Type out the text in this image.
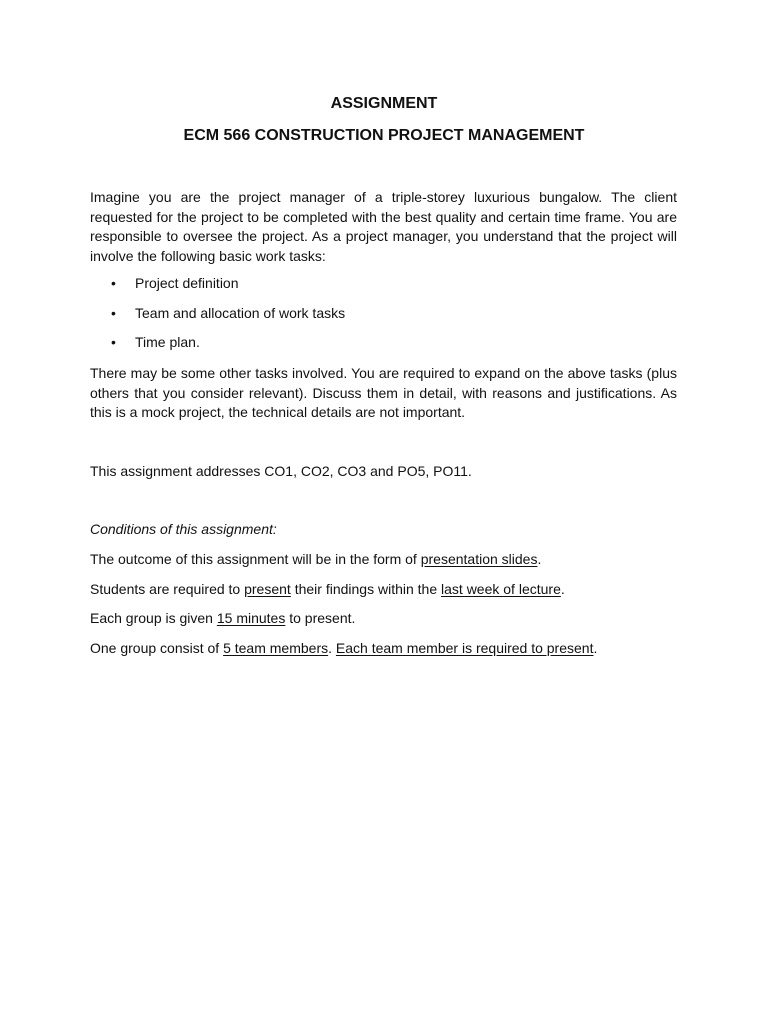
ASSIGNMENT
ECM 566 CONSTRUCTION PROJECT MANAGEMENT

Imagine you are the project manager of a triple-storey luxurious bungalow. The client requested for the project to be completed with the best quality and certain time frame. You are responsible to oversee the project. As a project manager, you understand that the project will involve the following basic work tasks:

• Project definition
• Team and allocation of work tasks
• Time plan.

There may be some other tasks involved. You are required to expand on the above tasks (plus others that you consider relevant). Discuss them in detail, with reasons and justifications. As this is a mock project, the technical details are not important.

This assignment addresses CO1, CO2, CO3 and PO5, PO11.

Conditions of this assignment:

The outcome of this assignment will be in the form of presentation slides.

Students are required to present their findings within the last week of lecture.

Each group is given 15 minutes to present.

One group consist of 5 team members. Each team member is required to present.
